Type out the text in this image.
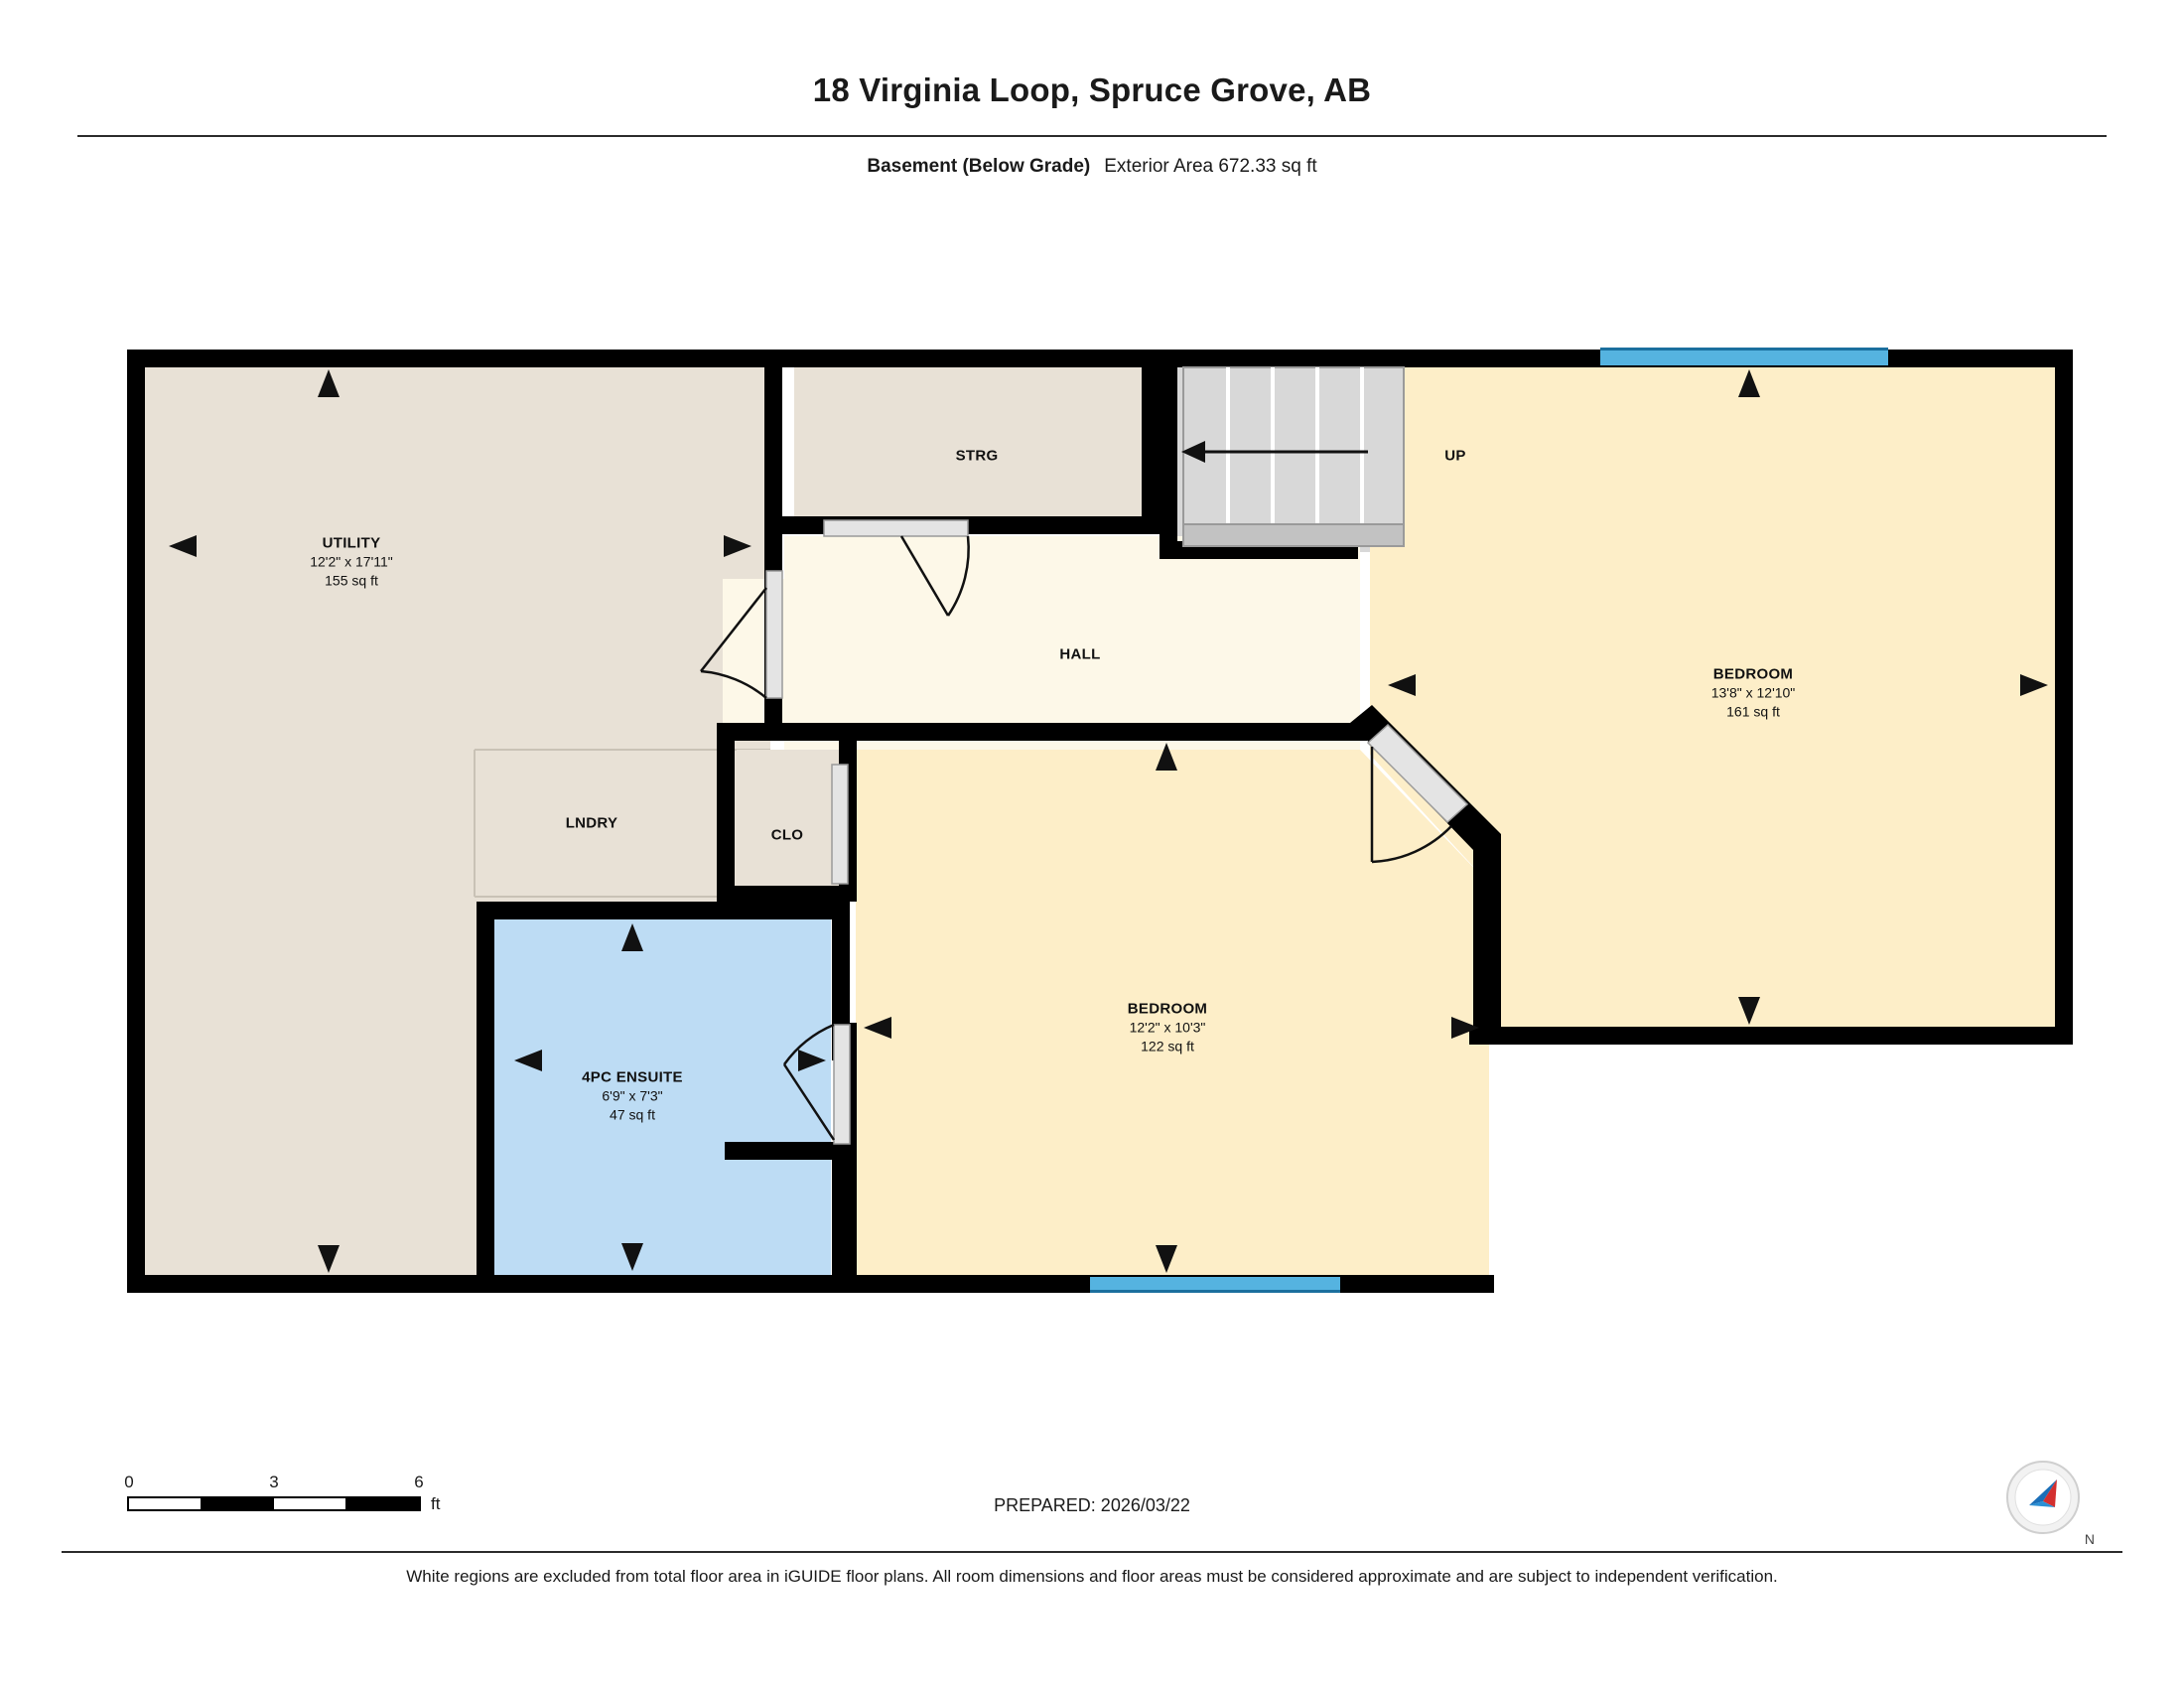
18 Virginia Loop, Spruce Grove, AB
Basement (Below Grade) Exterior Area 672.33 sq ft
UTILITY
12'2" x 17'11"
155 sq ft
STRG	UP
HALL
BEDROOM
13'8" x 12'10"
161 sq ft
LNDRY
CLO
BEDROOM
12'2" x 10'3"
122 sq ft
4PC ENSUITE
6'9" x 7'3"
47 sq ft
0	3	6
ft	PREPARED: 2026/03/22
N
White regions are excluded from total floor area in iGUIDE floor plans. All room dimensions and floor areas must be considered approximate and are subject to independent verification.
